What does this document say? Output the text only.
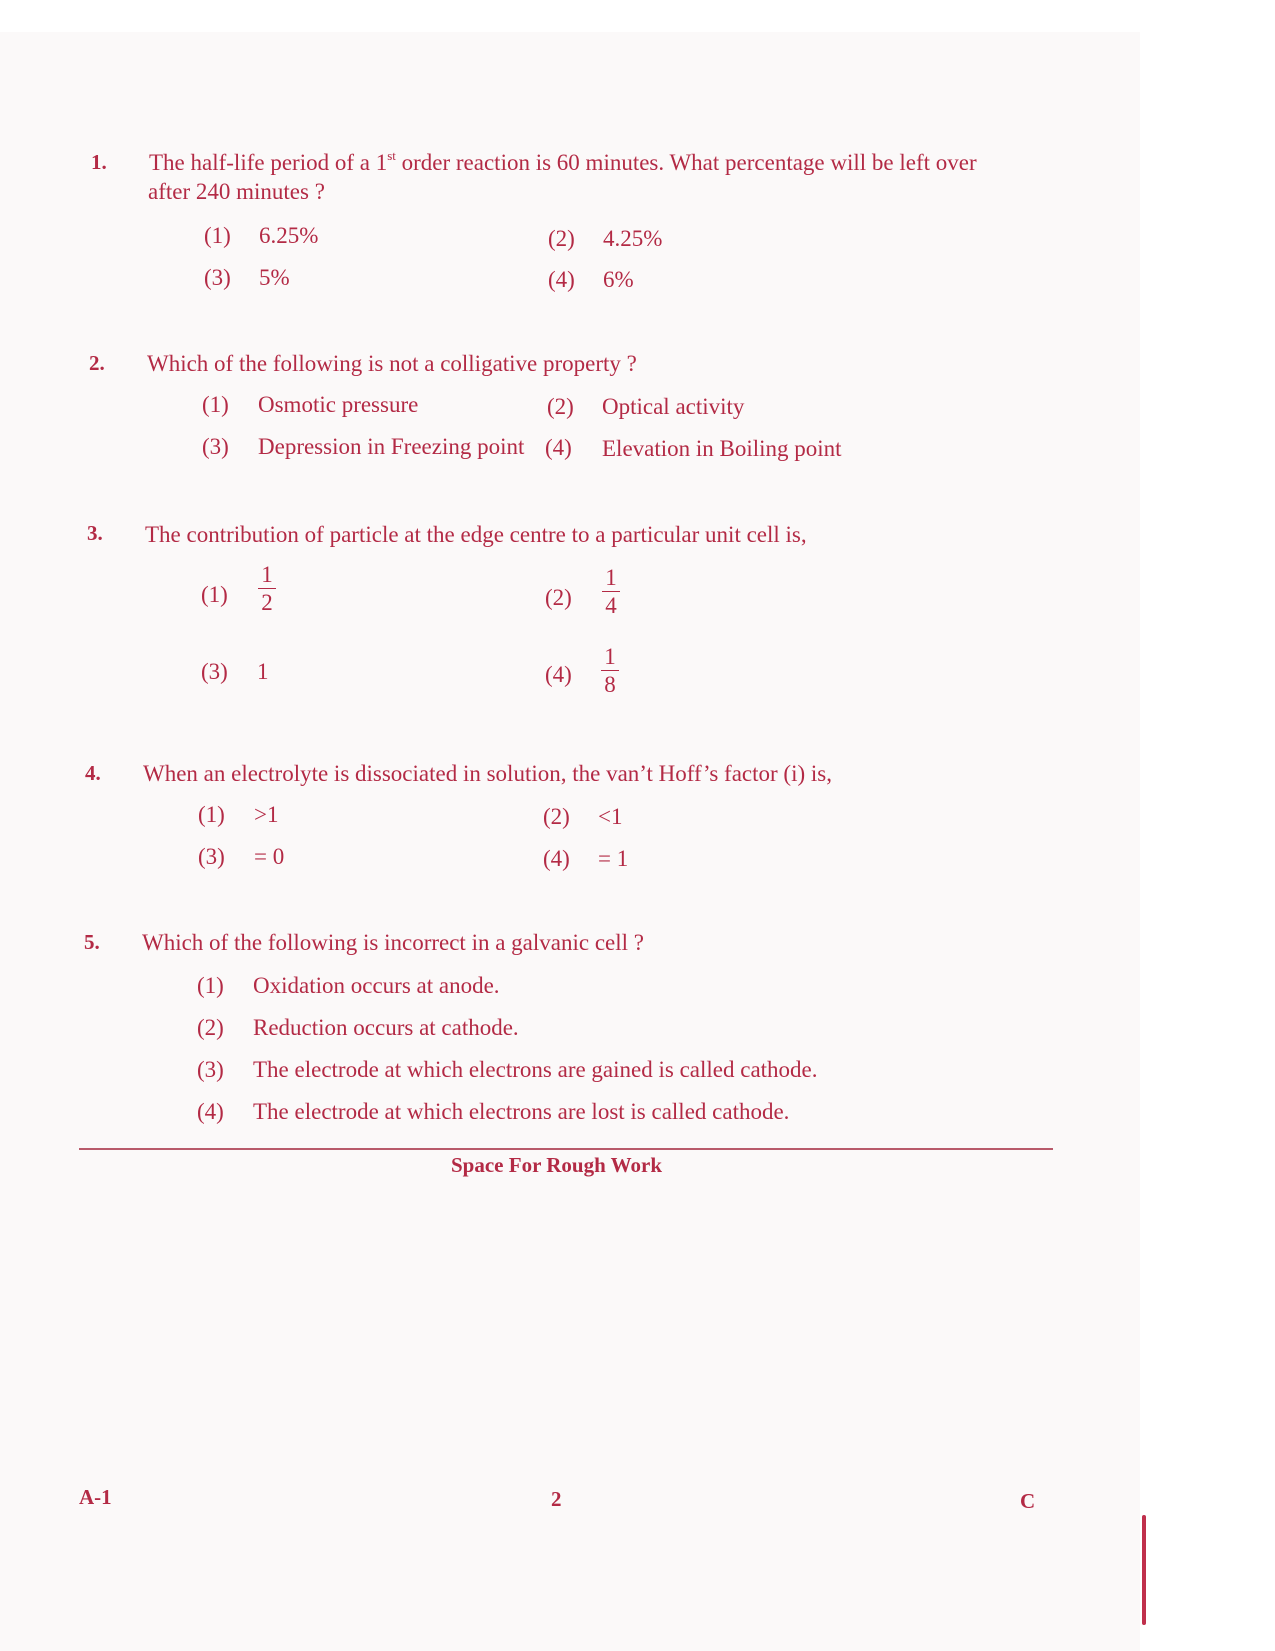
1. The half-life period of a 1st order reaction is 60 minutes. What percentage will be left over
after 240 minutes ?
(1) 6.25%	(2) 4.25%
(3) 5%	(4) 6%
2. Which of the following is not a colligative property ?
(1) Osmotic pressure	(2) Optical activity
(3) Depression in Freezing point (4) Elevation in Boiling point
3. The contribution of particle at the edge centre to a particular unit cell is,
(1)
1
2	(2)
1
4
(3) 1	(4)
1
8
4. When an electrolyte is dissociated in solution, the van’t Hoff’s factor (i) is,
(1) >1	(2) <1
(3) = 0	(4) = 1
5. Which of the following is incorrect in a galvanic cell ?
(1) Oxidation occurs at anode.
(2) Reduction occurs at cathode.
(3) The electrode at which electrons are gained is called cathode.
(4) The electrode at which electrons are lost is called cathode.
Space For Rough Work
A-1	2	C
